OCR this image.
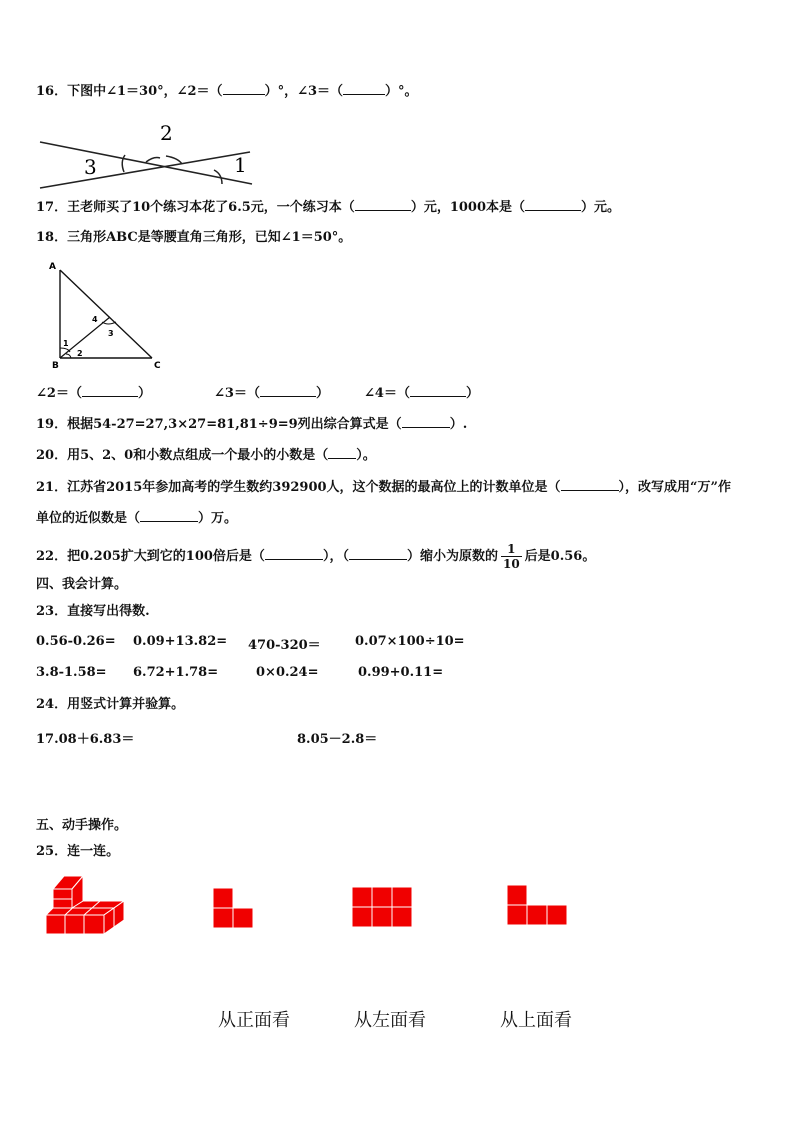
16．下图中∠1＝30°，∠2＝（	）°，∠3＝（	）°。
2
3	1
17．王老师买了10个练习本花了6.5元，一个练习本（	）元，1000本是（	）元。
18．三角形ABC是等腰直角三角形，已知∠1＝50°。
A
B	C
1
2
3
4
∠2＝（	）	∠3＝（	）	∠4＝（	）
19．根据54-27=27,3×27=81,81÷9=9列出综合算式是（	）.
20．用5、2、0和小数点组成一个最小的小数是（ ）。
21．江苏省2015年参加高考的学生数约392900人，这个数据的最高位上的计数单位是（	），改写成用“万”作
单位的近似数是（	）万。
22．把0.205扩大到它的100倍后是（	），（	）缩小为原数的 $\frac{1}{10}$ 后是0.56。
四、我会计算。
23．直接写出得数.
0.56-0.26= 0.09+13.82= 470-320＝	0.07×100÷10=
3.8-1.58= 6.72+1.78=	0×0.24=	0.99+0.11=
24．用竖式计算并验算。
17.08＋6.83＝	8.05－2.8＝
五、动手操作。
25．连一连。
从正面看	从左面看	从上面看
